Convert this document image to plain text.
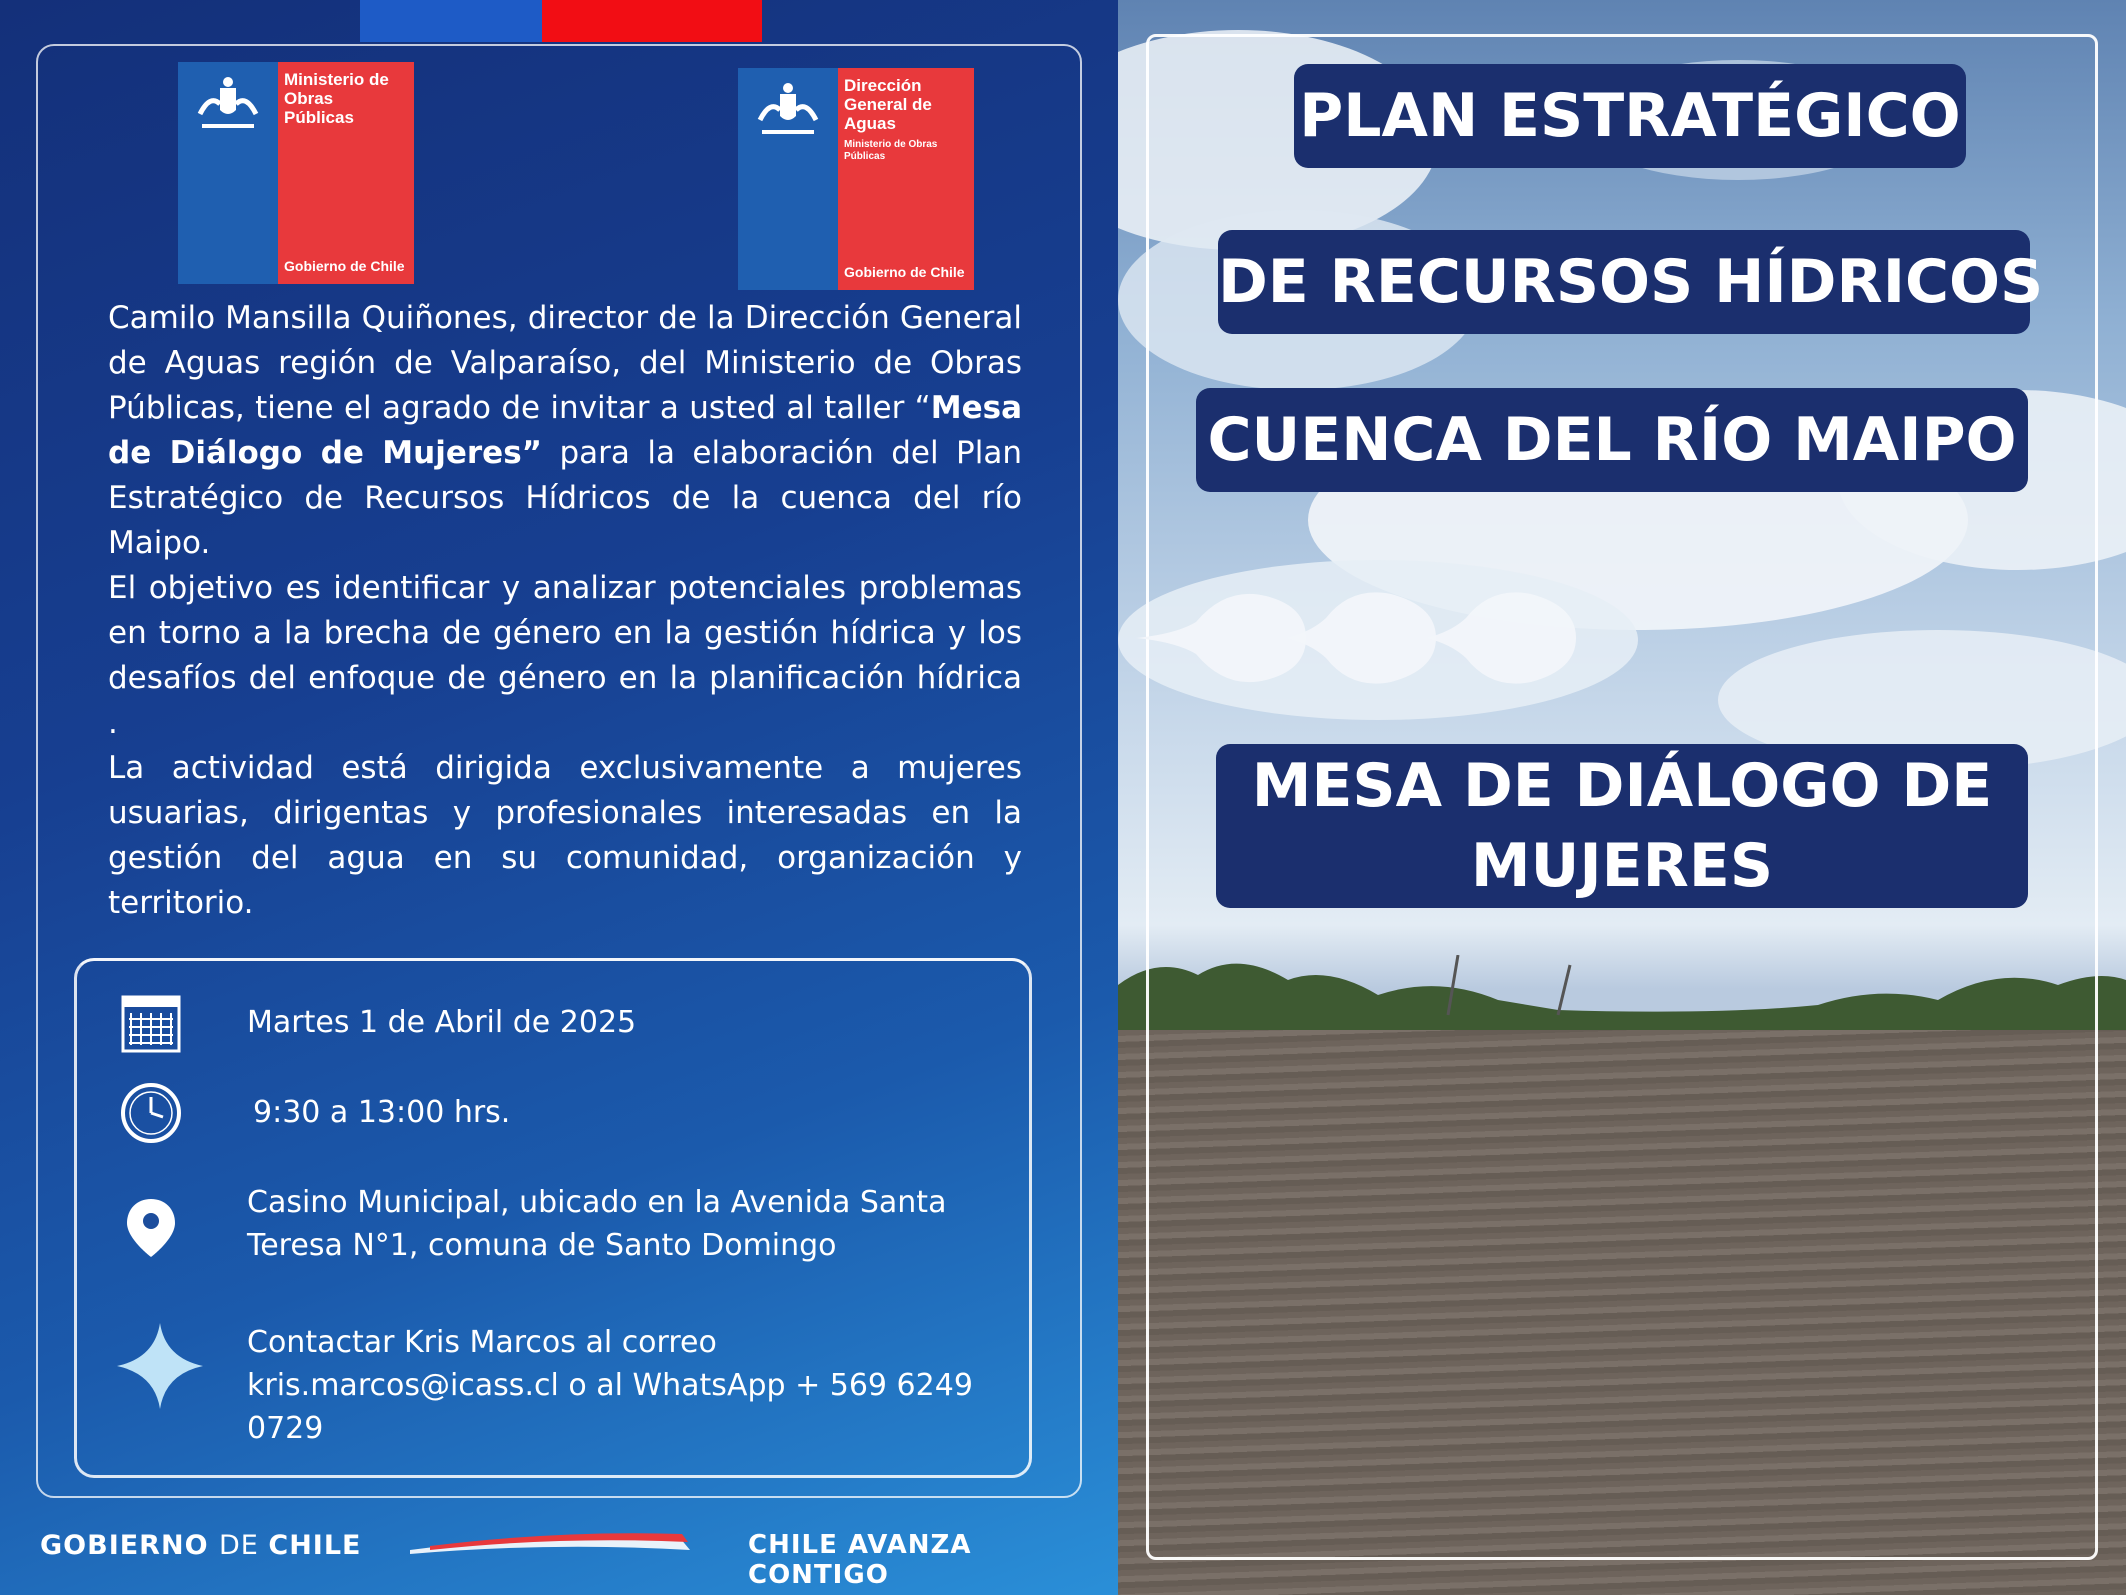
Ministerio de
Obras
Públicas
Gobierno de Chile
Dirección
General de
Aguas
Ministerio de Obras
Públicas
Gobierno de Chile

Camilo Mansilla Quiñones, director de la Dirección General de Aguas región de Valparaíso, del Ministerio de Obras Públicas, tiene el agrado de invitar a usted al taller “Mesa de Diálogo de Mujeres” para la elaboración del Plan Estratégico de Recursos Hídricos de la cuenca del río Maipo.

El objetivo es identificar y analizar potenciales problemas en torno a la brecha de género en la gestión hídrica y los desafíos del enfoque de género en la planificación hídrica .

La actividad está dirigida exclusivamente a mujeres usuarias, dirigentas y profesionales interesadas en la gestión del agua en su comunidad, organización y territorio.

Martes 1 de Abril de 2025
9:30 a 13:00 hrs.
Casino Municipal, ubicado en la Avenida Santa Teresa N°1, comuna de Santo Domingo
Contactar Kris Marcos al correo kris.marcos@icass.cl o al WhatsApp + 569 6249 0729
GOBIERNO DE CHILE	CHILE AVANZA CONTIGO
PLAN ESTRATÉGICO
DE RECURSOS HÍDRICOS
CUENCA DEL RÍO MAIPO
MESA DE DIÁLOGO DE
MUJERES
